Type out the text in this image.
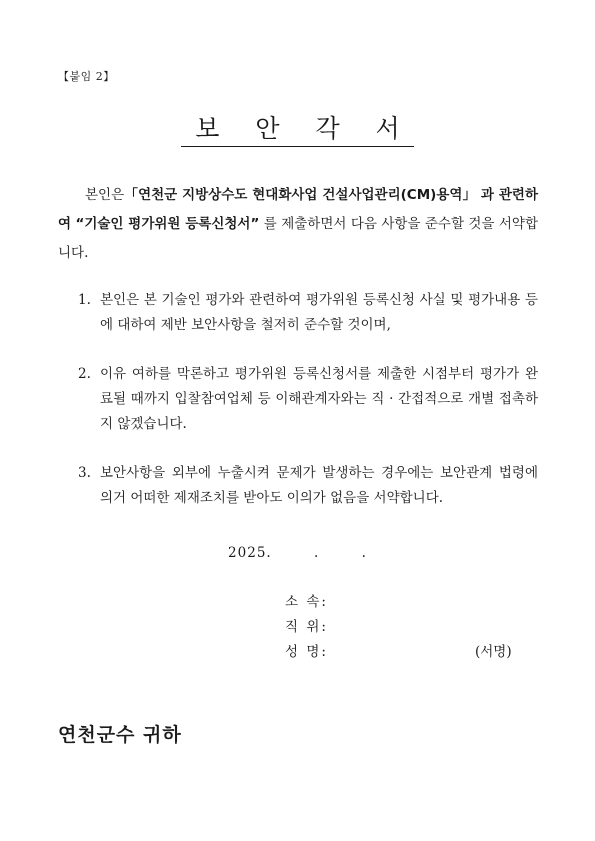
【붙임 2】
보 안 각 서
본인은「연천군 지방상수도 현대화사업 건설사업관리(CM)용역」 과 관련하여 “기술인 평가위원 등록신청서” 를 제출하면서 다음 사항을 준수할 것을 서약합니다.
1. 본인은 본 기술인 평가와 관련하여 평가위원 등록신청 사실 및 평가내용 등에 대하여 제반 보안사항을 철저히 준수할 것이며,
2. 이유 여하를 막론하고 평가위원 등록신청서를 제출한 시점부터 평가가 완료될 때까지 입찰참여업체 등 이해관계자와는 직 · 간접적으로 개별 접촉하지 않겠습니다.
3. 보안사항을 외부에 누출시켜 문제가 발생하는 경우에는 보안관계 법령에 의거 어떠한 제재조치를 받아도 이의가 없음을 서약합니다.
2025.        .        .
소 속:
직 위:
성 명:	(서명)
연천군수 귀하
